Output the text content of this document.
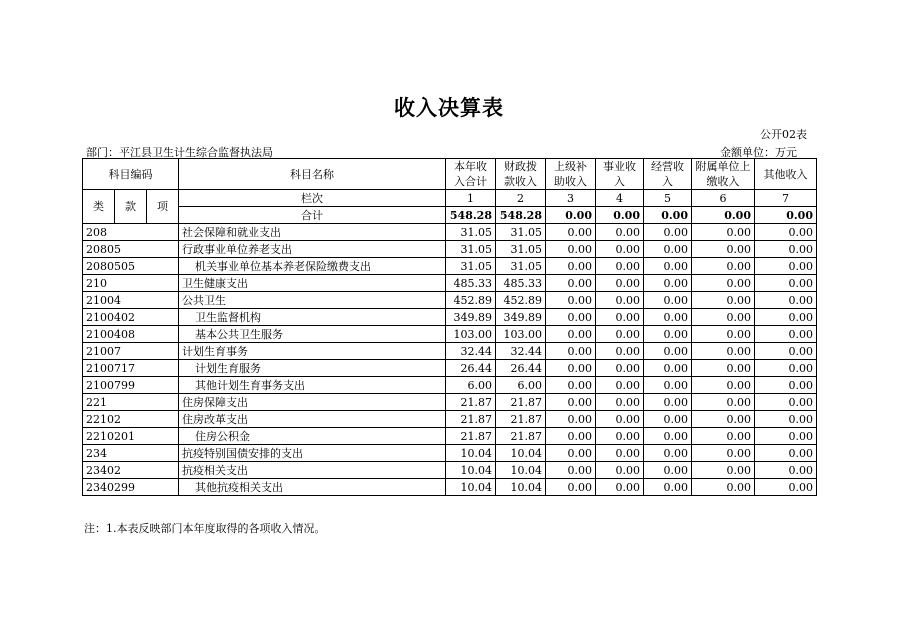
收入决算表
公开02表
部门：平江县卫生计生综合监督执法局	金额单位：万元
科目编码			科目名称	本年收入合计	财政拨款收入	上级补助收入	事业收入	经营收入	附属单位上缴收入	其他收入
类	款	项	栏次	1	2	3	4	5	6	7
			合计	548.28	548.28	0.00	0.00	0.00	0.00	0.00
208			社会保障和就业支出	31.05	31.05	0.00	0.00	0.00	0.00	0.00
20805			行政事业单位养老支出	31.05	31.05	0.00	0.00	0.00	0.00	0.00
2080505			机关事业单位基本养老保险缴费支出	31.05	31.05	0.00	0.00	0.00	0.00	0.00
210			卫生健康支出	485.33	485.33	0.00	0.00	0.00	0.00	0.00
21004			公共卫生	452.89	452.89	0.00	0.00	0.00	0.00	0.00
2100402			卫生监督机构	349.89	349.89	0.00	0.00	0.00	0.00	0.00
2100408			基本公共卫生服务	103.00	103.00	0.00	0.00	0.00	0.00	0.00
21007			计划生育事务	32.44	32.44	0.00	0.00	0.00	0.00	0.00
2100717			计划生育服务	26.44	26.44	0.00	0.00	0.00	0.00	0.00
2100799			其他计划生育事务支出	6.00	6.00	0.00	0.00	0.00	0.00	0.00
221			住房保障支出	21.87	21.87	0.00	0.00	0.00	0.00	0.00
22102			住房改革支出	21.87	21.87	0.00	0.00	0.00	0.00	0.00
2210201			住房公积金	21.87	21.87	0.00	0.00	0.00	0.00	0.00
234			抗疫特别国债安排的支出	10.04	10.04	0.00	0.00	0.00	0.00	0.00
23402			抗疫相关支出	10.04	10.04	0.00	0.00	0.00	0.00	0.00
2340299			其他抗疫相关支出	10.04	10.04	0.00	0.00	0.00	0.00	0.00
注：1.本表反映部门本年度取得的各项收入情况。
